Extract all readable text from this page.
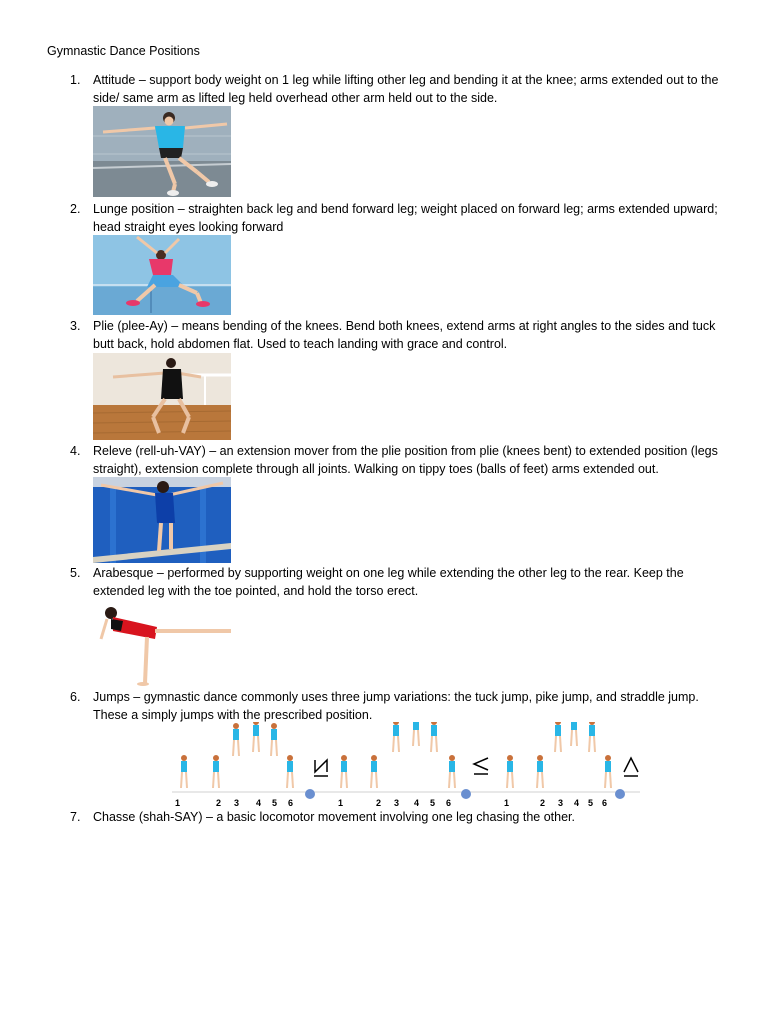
Gymnastic Dance Positions
1. Attitude – support body weight on 1 leg while lifting other leg and bending it at the knee; arms extended out to the side/ same arm as lifted leg held overhead other arm held out to the side.
2. Lunge position – straighten back leg and bend forward leg; weight placed on forward leg; arms extended upward; head straight eyes looking forward
3. Plie (plee-Ay) – means bending of the knees. Bend both knees, extend arms at right angles to the sides and tuck butt back, hold abdomen flat. Used to teach landing with grace and control.
4. Releve (rell-uh-VAY) – an extension mover from the plie position from plie (knees bent) to extended position (legs straight), extension complete through all joints. Walking on tippy toes (balls of feet) arms extended out.
5. Arabesque – performed by supporting weight on one leg while extending the other leg to the rear. Keep the extended leg with the toe pointed, and hold the torso erect.
6. Jumps – gymnastic dance commonly uses three jump variations: the tuck jump, pike jump, and straddle jump. These a simply jumps with the prescribed position.
1	2 3 4 5 6	1	2 3 4 5 6	1	2 3 4 5 6
7. Chasse (shah-SAY) – a basic locomotor movement involving one leg chasing the other.
